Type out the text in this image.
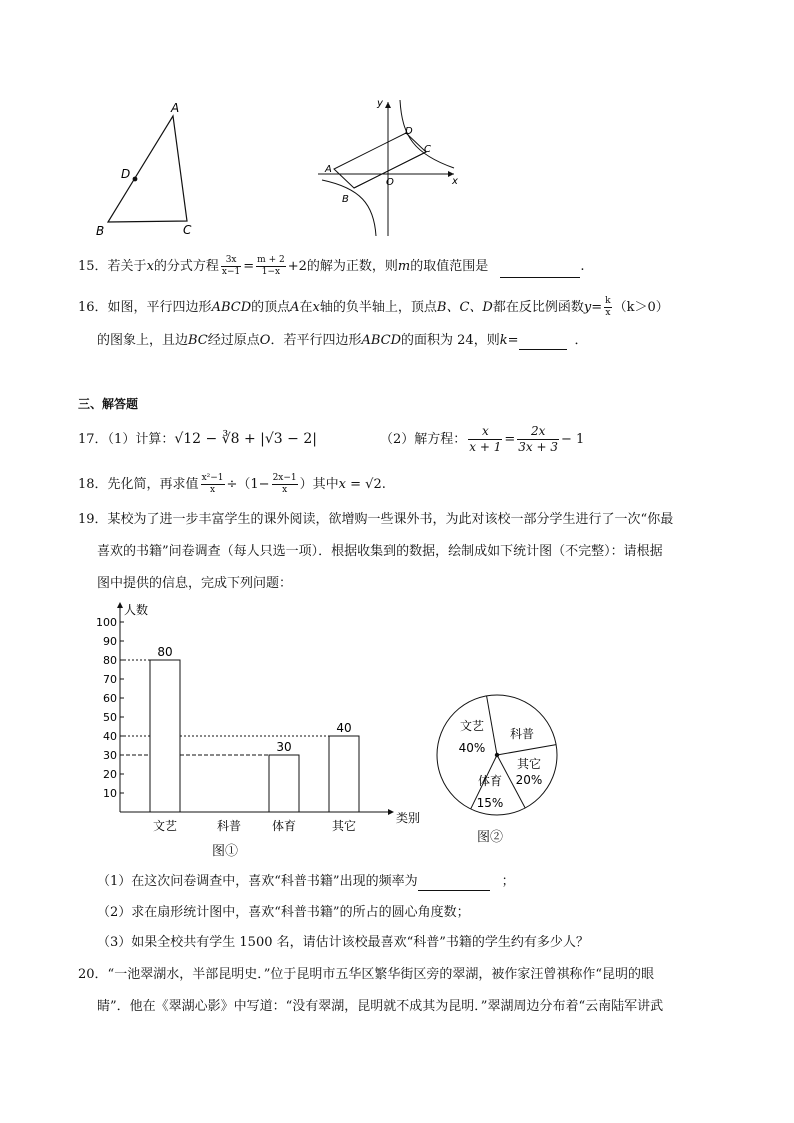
A
D
B	C
y
x
A
B
C
D
O
15．若关于x的分式方程 $\frac{3x}{x-1} = \frac{m + 2}{1-x} +2$的解为正数，则m的取值范围是	.
16．如图，平行四边形ABCD的顶点A在x轴的负半轴上，顶点B、C、D都在反比例函数$y= \frac{k}{x} (k>0)$
的图象上，且边BC经过原点O．若平行四边形ABCD的面积为 24，则k=	．
三、解答题
17．（1）计算：√12 − ∛8 + |√3 − 2|	（2）解方程： $\frac{x}{x + 1} = \frac{2x}{3x + 3} - 1$
18．先化简，再求值 $\frac{\text{x²−1}}{x} \div(1- \frac{2x-1}{x}$ ）其中x = √2.
19．某校为了进一步丰富学生的课外阅读，欲增购一些课外书，为此对该校一部分学生进行了一次“你最
喜欢的书籍”问卷调查（每人只选一项）．根据收集到的数据，绘制成如下统计图（不完整）：请根据
图中提供的信息，完成下列问题：
人数
类别
10
20
30
40
50
60
70
80
90
100
80
文艺	科普
30
体育
40
其它
图①
文艺
40%
科普
体育
15%
其它
20%
图②
（1）在这次问卷调查中，喜欢“科普书籍”出现的频率为	；
（2）求在扇形统计图中，喜欢“科普书籍”的所占的圆心角度数；
（3）如果全校共有学生 1500 名，请估计该校最喜欢“科普”书籍的学生约有多少人？
20．“一池翠湖水，半部昆明史．”位于昆明市五华区繁华街区旁的翠湖，被作家汪曾祺称作“昆明的眼
睛”．他在《翠湖心影》中写道：“没有翠湖，昆明就不成其为昆明．”翠湖周边分布着“云南陆军讲武
